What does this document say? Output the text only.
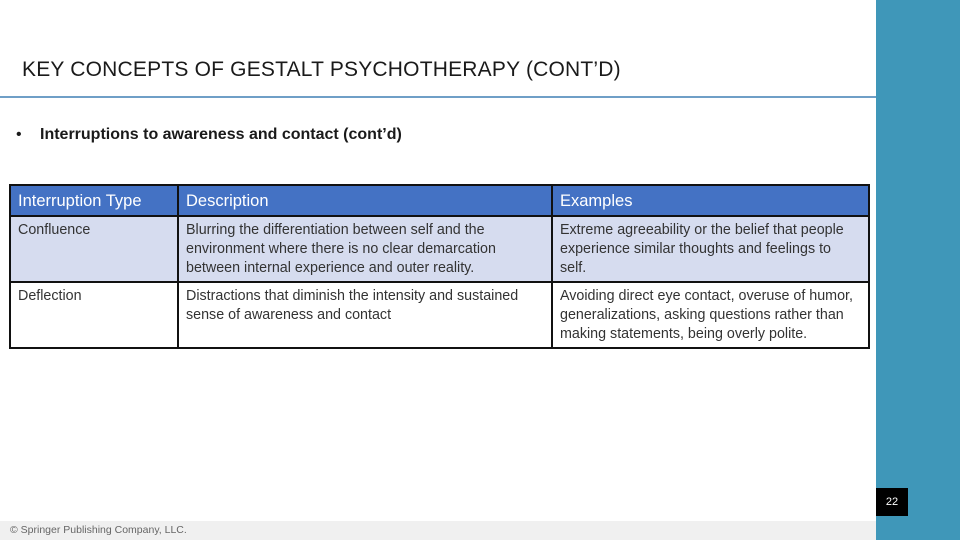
KEY CONCEPTS OF GESTALT PSYCHOTHERAPY (CONT’D)
• Interruptions to awareness and contact (cont’d)
Interruption Type	Description	Examples
Confluence	Blurring the differentiation between self and the environment where there is no clear demarcation between internal experience and outer reality.	Extreme agreeability or the belief that people experience similar thoughts and feelings to self.
Deflection	Distractions that diminish the intensity and sustained sense of awareness and contact	Avoiding direct eye contact, overuse of humor, generalizations, asking questions rather than making statements, being overly polite.
22
© Springer Publishing Company, LLC.
